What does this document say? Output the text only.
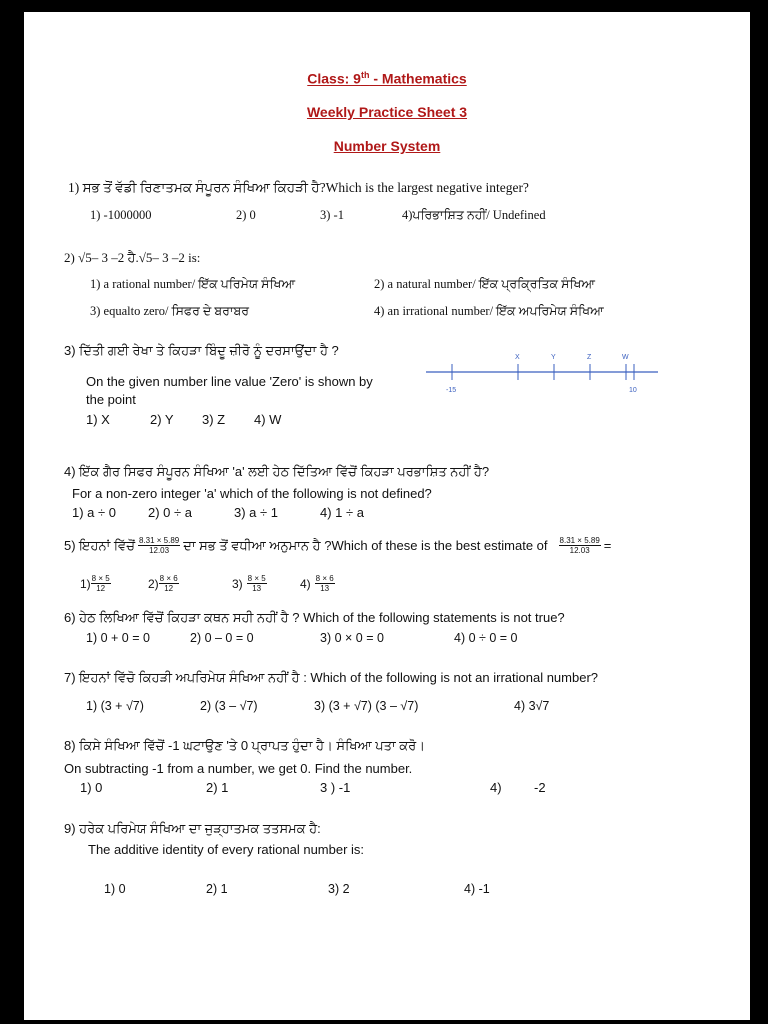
Class: 9th - Mathematics
Weekly Practice Sheet 3
Number System
1) ਸਭ ਤੋਂ ਵੱਡੀ ਰਿਣਾਤਮਕ ਸੰਪੂਰਨ ਸੰਖਿਆ ਕਿਹੜੀ ਹੈ?Which is the largest negative integer?
1) -1000000	2) 0	3) -1	4)ਪਰਿਭਾਸ਼ਿਤ ਨਹੀਂ/ Undefined
2) √5– 3 –2 ਹੈ.√5– 3 –2 is:
1) a rational number/ ਇੱਕ ਪਰਿਮੇਯ ਸੰਖਿਆ	2) a natural number/ ਇੱਕ ਪ੍ਰਕ੍ਰਿਤਿਕ ਸੰਖਿਆ
3) equalto zero/ ਸਿਫਰ ਦੇ ਬਰਾਬਰ	4) an irrational number/ ਇੱਕ ਅਪਰਿਮੇਯ ਸੰਖਿਆ
3) ਦਿੱਤੀ ਗਈ ਰੇਖਾ ਤੇ ਕਿਹੜਾ ਬਿੰਦੂ ਜ਼ੀਰੋ ਨੂੰ ਦਰਸਾਉਂਦਾ ਹੈ ?
On the given number line value 'Zero' is shown by
the point
1) X	2) Y 3) Z 4) W
-15	10
X	Y	Z	W
4) ਇੱਕ ਗੈਰ ਸਿਫਰ ਸੰਪੂਰਨ ਸੰਖਿਆ 'a' ਲਈ ਹੇਠ ਦਿੱਤਿਆ ਵਿੱਚੋਂ ਕਿਹੜਾ ਪਰਭਾਸ਼ਿਤ ਨਹੀਂ ਹੈ?
For a non-zero integer 'a' which of the following is not defined?
1) a ÷ 0 2) 0 ÷ a	3) a ÷ 1	4) 1 ÷ a
5) ਇਹਨਾਂ ਵਿੱਚੋਂ $\frac{8.31 \times 5.89}{12.03}$ ਦਾ ਸਭ ਤੋਂ ਵਧੀਆ ਅਨੁਮਾਨ ਹੈ ?Which of these is the best estimate of $\frac{8.31 \times 5.89}{12.03}$ =
$1) \frac{8 \times 5}{12}$	$2) \frac{8 \times 6}{12}$	$3) \frac{8 \times 5}{13}$	$4) \frac{8 \times 6}{13}$
6) ਹੇਠ ਲਿਖਿਆ ਵਿੱਚੋਂ ਕਿਹੜਾ ਕਥਨ ਸਹੀ ਨਹੀਂ ਹੈ ? Which of the following statements is not true?
1) 0 + 0 = 0	2) 0 – 0 = 0	3) 0 × 0 = 0	4) 0 ÷ 0 = 0
7) ਇਹਨਾਂ ਵਿੱਚੋ ਕਿਹੜੀ ਅਪਰਿਮੇਯ ਸੰਖਿਆ ਨਹੀਂ ਹੈ : Which of the following is not an irrational number?
1) (3 + √7)	2) (3 – √7)	3) (3 + √7) (3 – √7)	4) 3√7
8) ਕਿਸੇ ਸੰਖਿਆ ਵਿੱਚੋਂ -1 ਘਟਾਉਣ 'ਤੇ 0 ਪ੍ਰਾਪਤ ਹੁੰਦਾ ਹੈ। ਸੰਖਿਆ ਪਤਾ ਕਰੋ।
On subtracting -1 from a number, we get 0. Find the number.
1) 0	2) 1	3 ) -1	4) -2
9) ਹਰੇਕ ਪਰਿਮੇਯ ਸੰਖਿਆ ਦਾ ਜੁੜ੍ਹਾਤਮਕ ਤਤਸਮਕ ਹੈ:
The additive identity of every rational number is:
1) 0	2) 1	3) 2	4) -1
